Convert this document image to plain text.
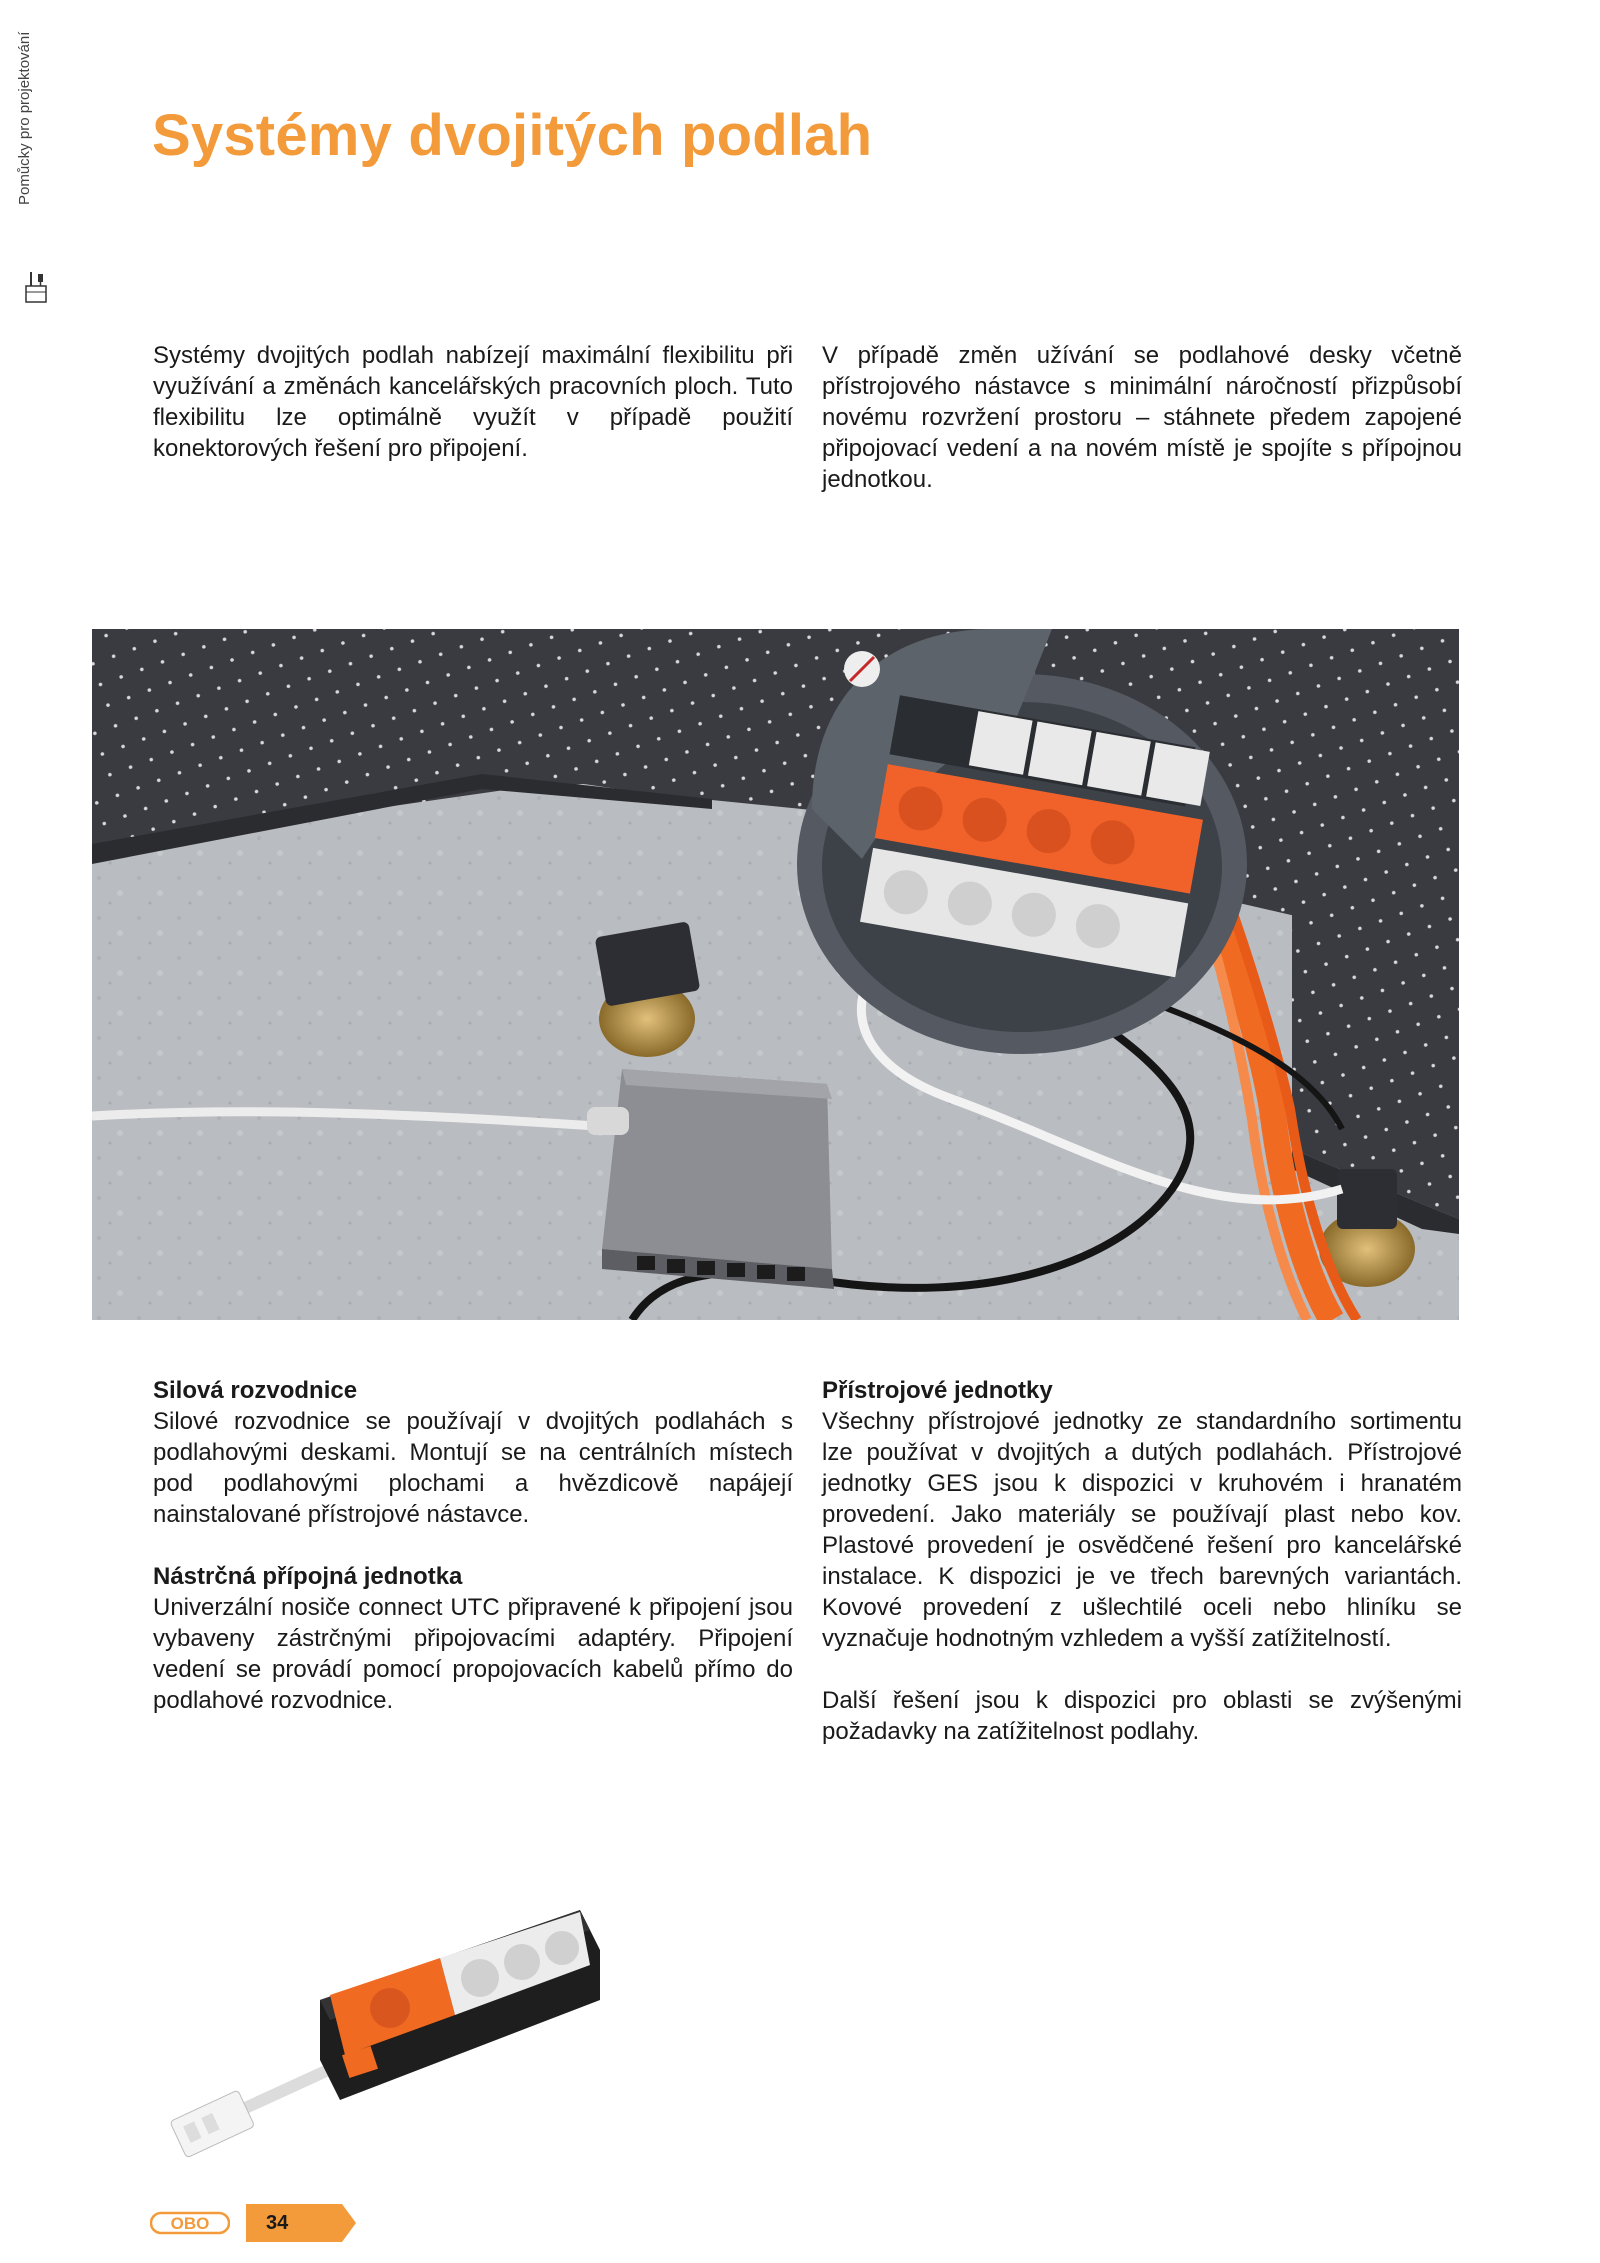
Pomůcky pro projektování Systémy dvojitých podlah

Systémy dvojitých podlah nabízejí maximální flexibilitu při využívání a změnách kancelářských pracovních ploch. Tuto flexibilitu lze optimálně využít v případě použití konektorových řešení pro připojení.

V případě změn užívání se podlahové desky včetně přístrojového nástavce s minimální náročností přizpůsobí novému rozvržení prostoru – stáhnete předem zapojené připojovací vedení a na novém místě je spojíte s přípojnou jednotkou.

Silová rozvodnice

Silové rozvodnice se používají v dvojitých podlahách s podlahovými deskami. Montují se na centrálních místech pod podlahovými plochami a hvězdicově napájejí nainstalované přístrojové nástavce.

Nástrčná přípojná jednotka

Univerzální nosiče connect UTC připravené k připojení jsou vybaveny zástrčnými připojovacími adaptéry. Připojení vedení se provádí pomocí propojovacích kabelů přímo do podlahové rozvodnice.

Přístrojové jednotky

Všechny přístrojové jednotky ze standardního sortimentu lze používat v dvojitých a dutých podlahách. Přístrojové jednotky GES jsou k dispozici v kruhovém i hranatém provedení. Jako materiály se používají plast nebo kov. Plastové provedení je osvědčené řešení pro kancelářské instalace. K dispozici je ve třech barevných variantách. Kovové provedení z ušlechtilé oceli nebo hliníku se vyznačuje hodnotným vzhledem a vyšší zatížitelností.

Další řešení jsou k dispozici pro oblasti se zvýšenými požadavky na zatížitelnost podlahy.

OBO	34
